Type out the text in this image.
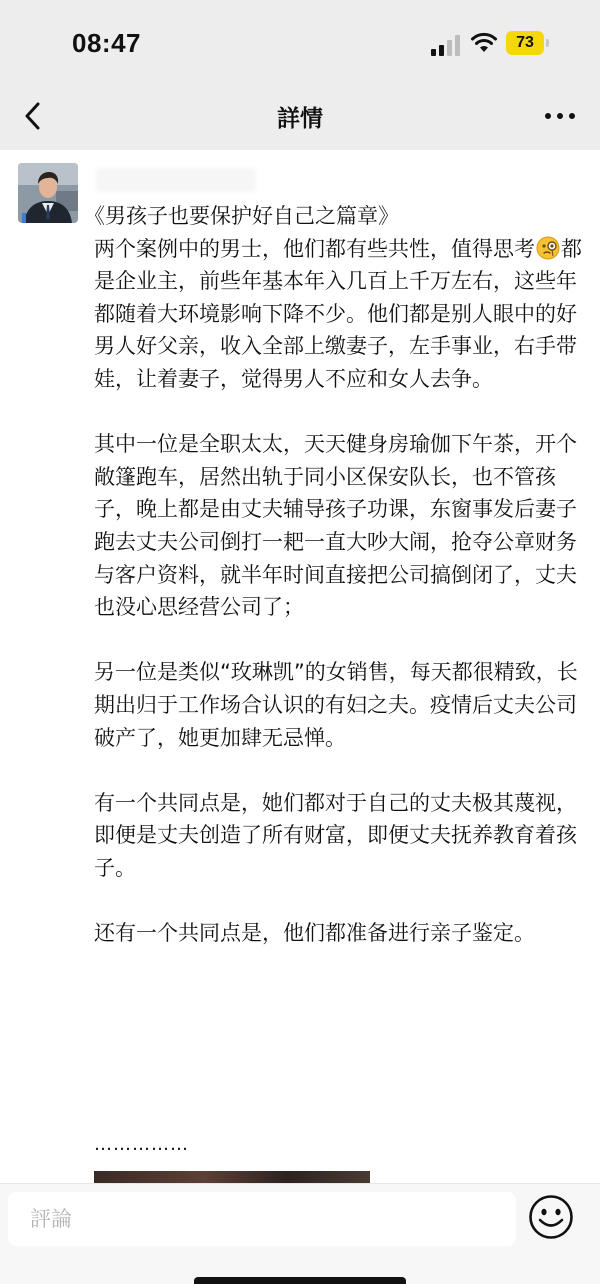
08:47	73
詳情

《男孩子也要保护好自己之篇章》

两个案例中的男士，他们都有些共性，值得思考 都是企业主，前些年基本年入几百上千万左右，这些年都随着大环境影响下降不少。他们都是别人眼中的好男人好父亲，收入全部上缴妻子，左手事业，右手带娃，让着妻子，觉得男人不应和女人去争。

其中一位是全职太太，天天健身房瑜伽下午茶，开个敞篷跑车，居然出轨于同小区保安队长，也不管孩子，晚上都是由丈夫辅导孩子功课，东窗事发后妻子跑去丈夫公司倒打一耙一直大吵大闹，抢夺公章财务与客户资料，就半年时间直接把公司搞倒闭了，丈夫也没心思经营公司了；

另一位是类似“玫琳凯”的女销售，每天都很精致，长期出归于工作场合认识的有妇之夫。疫情后丈夫公司破产了，她更加肆无忌惮。

有一个共同点是，她们都对于自己的丈夫极其蔑视，即便是丈夫创造了所有财富，即便丈夫抚养教育着孩子。

还有一个共同点是，他们都准备进行亲子鉴定。

……………
評論
